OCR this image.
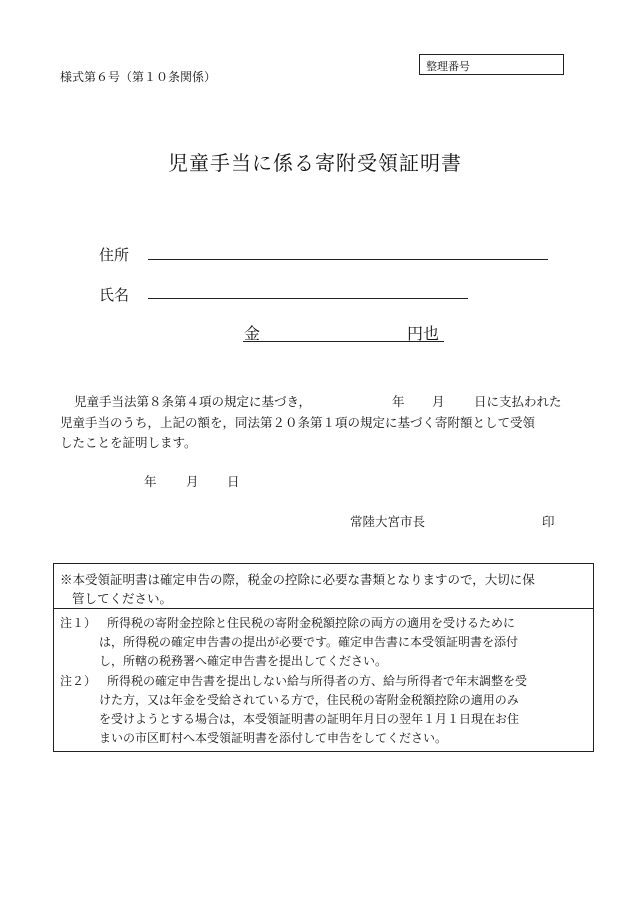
様式第６号（第１０条関係）
整理番号
児童手当に係る寄附受領証明書
住所
氏名
金	円也
児童手当法第８条第４項の規定に基づき，	年 月 日に支払われた
児童手当のうち，上記の額を，同法第２０条第１項の規定に基づく寄附額として受領
したことを証明します。
年 月 日
常陸大宮市長	印
※本受領証明書は確定申告の際，税金の控除に必要な書類となりますので，大切に保
管してください。
注１） 所得税の寄附金控除と住民税の寄附金税額控除の両方の適用を受けるために
は，所得税の確定申告書の提出が必要です。確定申告書に本受領証明書を添付
し，所轄の税務署へ確定申告書を提出してください。
注２） 所得税の確定申告書を提出しない給与所得者の方、給与所得者で年末調整を受
けた方，又は年金を受給されている方で，住民税の寄附金税額控除の適用のみ
を受けようとする場合は，本受領証明書の証明年月日の翌年１月１日現在お住
まいの市区町村へ本受領証明書を添付して申告をしてください。
